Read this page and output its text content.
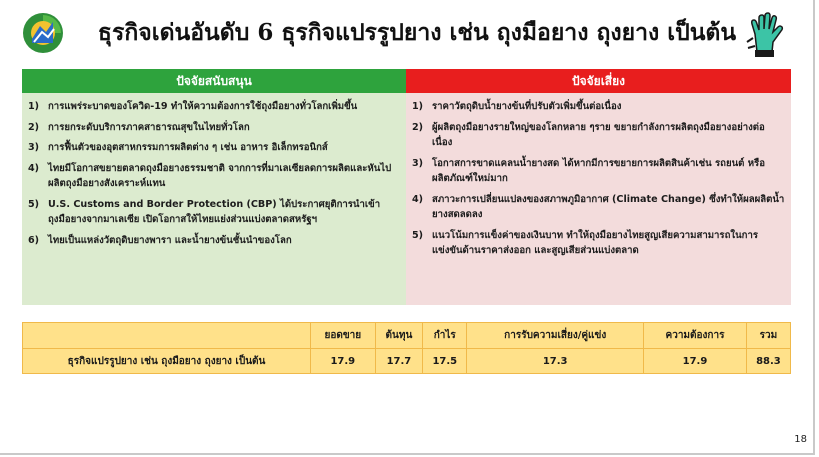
ธุรกิจเด่นอันดับ 6 ธุรกิจแปรรูปยาง เช่น ถุงมือยาง ถุงยาง เป็นต้น
ปัจจัยสนับสนุน
1) การแพร่ระบาดของโควิด-19 ทำให้ความต้องการใช้ถุงมือยางทั่วโลกเพิ่มขึ้น
2) การยกระดับบริการภาคสาธารณสุขในไทยทั่วโลก
3) การฟื้นตัวของอุตสาหกรรมการผลิตต่าง ๆ เช่น อาหาร อิเล็กทรอนิกส์
4) ไทยมีโอกาสขยายตลาดถุงมือยางธรรมชาติ จากการที่มาเลเซียลดการผลิตและหันไปผลิตถุงมือยางสังเคราะห์แทน
5) U.S. Customs and Border Protection (CBP) ได้ประกาศยุติการนำเข้าถุงมือยางจากมาเลเซีย เปิดโอกาสให้ไทยแย่งส่วนแบ่งตลาดสหรัฐฯ
6) ไทยเป็นแหล่งวัตถุดิบยางพารา และน้ำยางข้นชั้นนำของโลก
ปัจจัยเสี่ยง
1) ราคาวัตถุดิบน้ำยางข้นที่ปรับตัวเพิ่มขึ้นต่อเนื่อง
2) ผู้ผลิตถุงมือยางรายใหญ่ของโลกหลาย ๆราย ขยายกำลังการผลิตถุงมือยางอย่างต่อเนื่อง
3) โอกาสการขาดแคลนน้ำยางสด ได้หากมีการขยายการผลิตสินค้าเช่น รถยนต์ หรือผลิตภัณฑ์ใหม่มาก
4) สภาวะการเปลี่ยนแปลงของสภาพภูมิอากาศ (Climate Change) ซึ่งทำให้ผลผลิตน้ำยางสดลดลง
5) แนวโน้มการแข็งค่าของเงินบาท ทำให้ถุงมือยางไทยสูญเสียความสามารถในการแข่งขันด้านราคาส่งออก และสูญเสียส่วนแบ่งตลาด
	ยอดขาย	ต้นทุน	กำไร	การรับความเสี่ยง/คู่แข่ง	ความต้องการ	รวม
ธุรกิจแปรรูปยาง เช่น ถุงมือยาง ถุงยาง เป็นต้น	17.9	17.7	17.5	17.3	17.9	88.3
18
